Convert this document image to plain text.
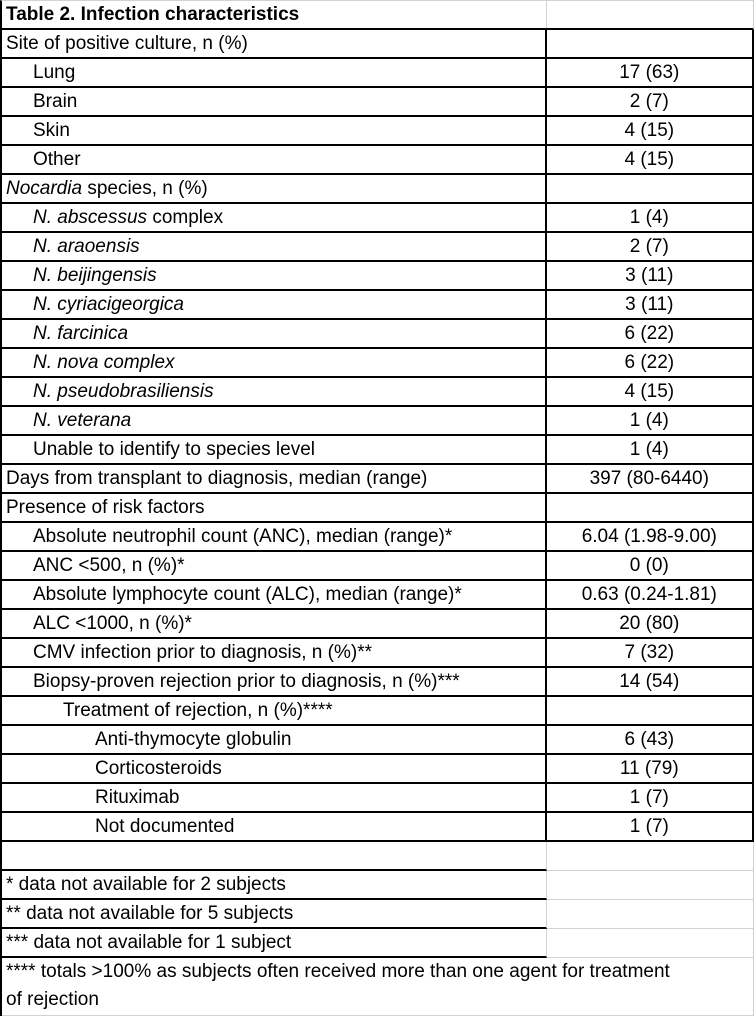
Table 2. Infection characteristics
Site of positive culture, n (%)
Lung	17 (63)
Brain	2 (7)
Skin	4 (15)
Other	4 (15)
Nocardia species, n (%)
N. abscessus complex	1 (4)
N. araoensis	2 (7)
N. beijingensis	3 (11)
N. cyriacigeorgica	3 (11)
N. farcinica	6 (22)
N. nova complex	6 (22)
N. pseudobrasiliensis	4 (15)
N. veterana	1 (4)
Unable to identify to species level	1 (4)
Days from transplant to diagnosis, median (range)	397 (80-6440)
Presence of risk factors
Absolute neutrophil count (ANC), median (range)*	6.04 (1.98-9.00)
ANC <500, n (%)*	0 (0)
Absolute lymphocyte count (ALC), median (range)*	0.63 (0.24-1.81)
ALC <1000, n (%)*	20 (80)
CMV infection prior to diagnosis, n (%)**	7 (32)
Biopsy-proven rejection prior to diagnosis, n (%)***	14 (54)
Treatment of rejection, n (%)****
Anti-thymocyte globulin	6 (43)
Corticosteroids	11 (79)
Rituximab	1 (7)
Not documented	1 (7)
* data not available for 2 subjects
** data not available for 5 subjects
*** data not available for 1 subject
**** totals >100% as subjects often received more than one agent for treatment of rejection
